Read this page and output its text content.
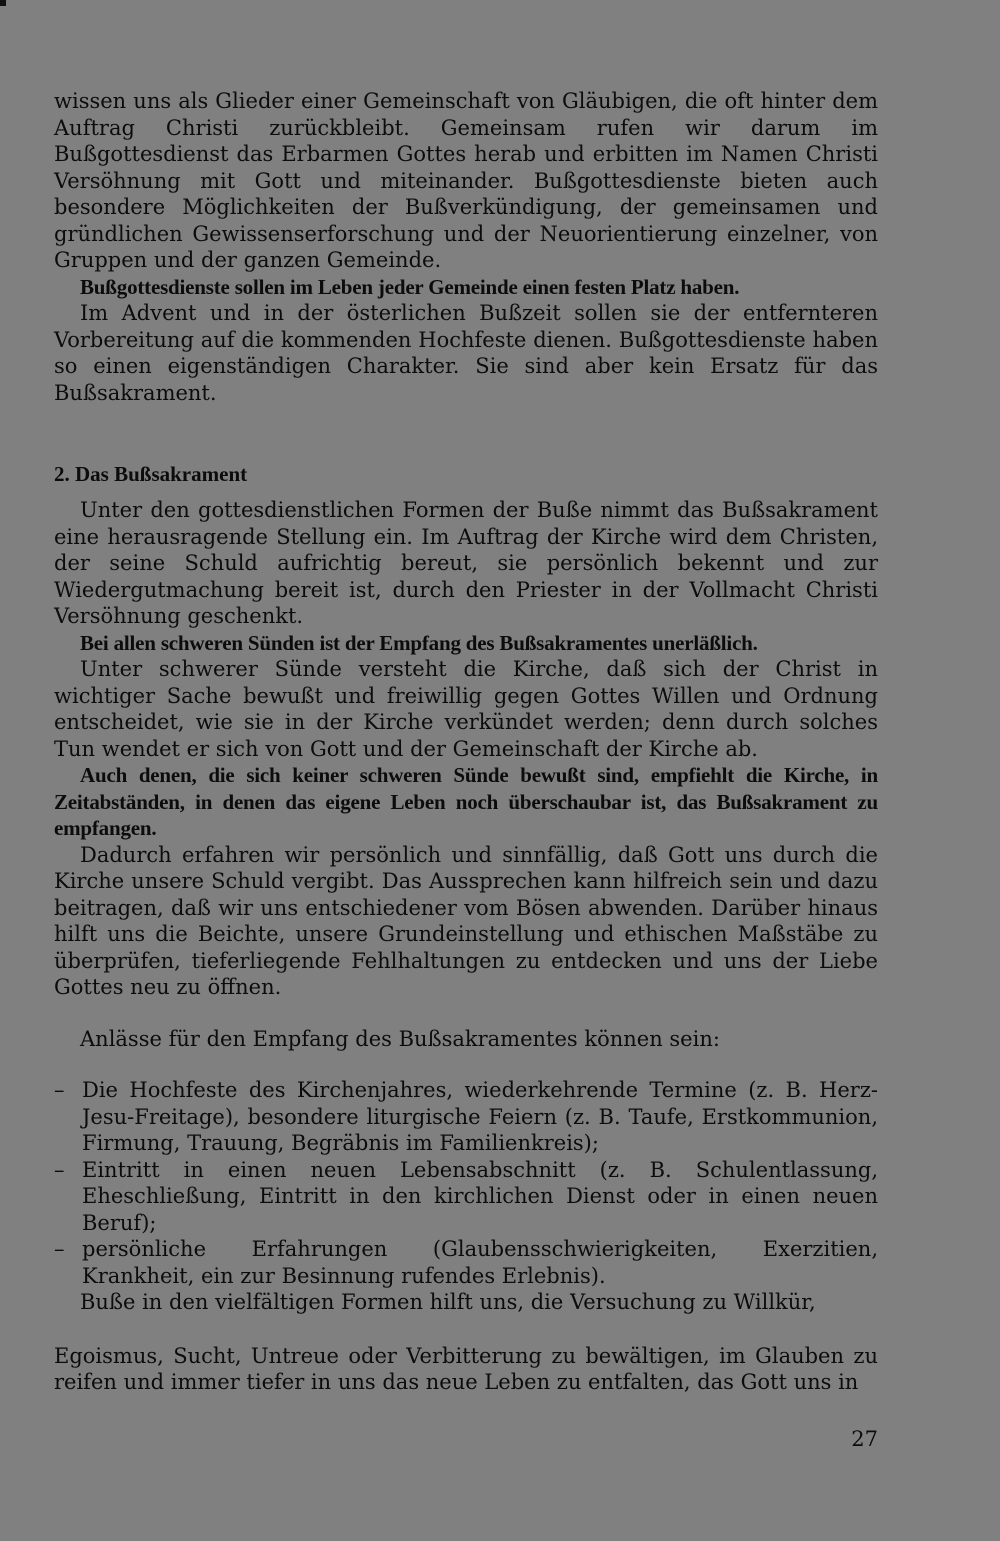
wissen uns als Glieder einer Gemeinschaft von Gläubigen, die oft hinter dem Auftrag Christi zurückbleibt. Gemeinsam rufen wir darum im Bußgottesdienst das Erbarmen Gottes herab und erbitten im Namen Christi Versöhnung mit Gott und miteinander. Bußgottesdienste bieten auch besondere Möglichkeiten der Bußverkündigung, der gemeinsamen und gründlichen Gewissenserforschung und der Neuorientierung einzelner, von Gruppen und der ganzen Gemeinde.

Bußgottesdienste sollen im Leben jeder Gemeinde einen festen Platz haben.

Im Advent und in der österlichen Bußzeit sollen sie der entfernteren Vorbereitung auf die kommenden Hochfeste dienen. Bußgottesdienste haben so einen eigenständigen Charakter. Sie sind aber kein Ersatz für das Bußsakrament.

2. Das Bußsakrament

Unter den gottesdienstlichen Formen der Buße nimmt das Bußsakrament eine herausragende Stellung ein. Im Auftrag der Kirche wird dem Christen, der seine Schuld aufrichtig bereut, sie persönlich bekennt und zur Wiedergutmachung bereit ist, durch den Priester in der Vollmacht Christi Versöhnung geschenkt.

Bei allen schweren Sünden ist der Empfang des Bußsakramentes unerläßlich.

Unter schwerer Sünde versteht die Kirche, daß sich der Christ in wichtiger Sache bewußt und freiwillig gegen Gottes Willen und Ordnung entscheidet, wie sie in der Kirche verkündet werden; denn durch solches Tun wendet er sich von Gott und der Gemeinschaft der Kirche ab.

Auch denen, die sich keiner schweren Sünde bewußt sind, empfiehlt die Kirche, in Zeitabständen, in denen das eigene Leben noch überschaubar ist, das Bußsakrament zu empfangen.

Dadurch erfahren wir persönlich und sinnfällig, daß Gott uns durch die Kirche unsere Schuld vergibt. Das Aussprechen kann hilfreich sein und dazu beitragen, daß wir uns entschiedener vom Bösen abwenden. Darüber hinaus hilft uns die Beichte, unsere Grundeinstellung und ethischen Maßstäbe zu überprüfen, tieferliegende Fehlhaltungen zu entdecken und uns der Liebe Gottes neu zu öffnen.

Anlässe für den Empfang des Bußsakramentes können sein:

– Die Hochfeste des Kirchenjahres, wiederkehrende Termine (z. B. Herz-Jesu-Freitage), besondere liturgische Feiern (z. B. Taufe, Erstkommunion, Firmung, Trauung, Begräbnis im Familienkreis);
– Eintritt in einen neuen Lebensabschnitt (z. B. Schulentlassung, Eheschließung, Eintritt in den kirchlichen Dienst oder in einen neuen Beruf);
– persönliche Erfahrungen (Glaubensschwierigkeiten, Exerzitien, Krankheit, ein zur Besinnung rufendes Erlebnis).

Buße in den vielfältigen Formen hilft uns, die Versuchung zu Willkür,

Egoismus, Sucht, Untreue oder Verbitterung zu bewältigen, im Glauben zu reifen und immer tiefer in uns das neue Leben zu entfalten, das Gott uns in

27
